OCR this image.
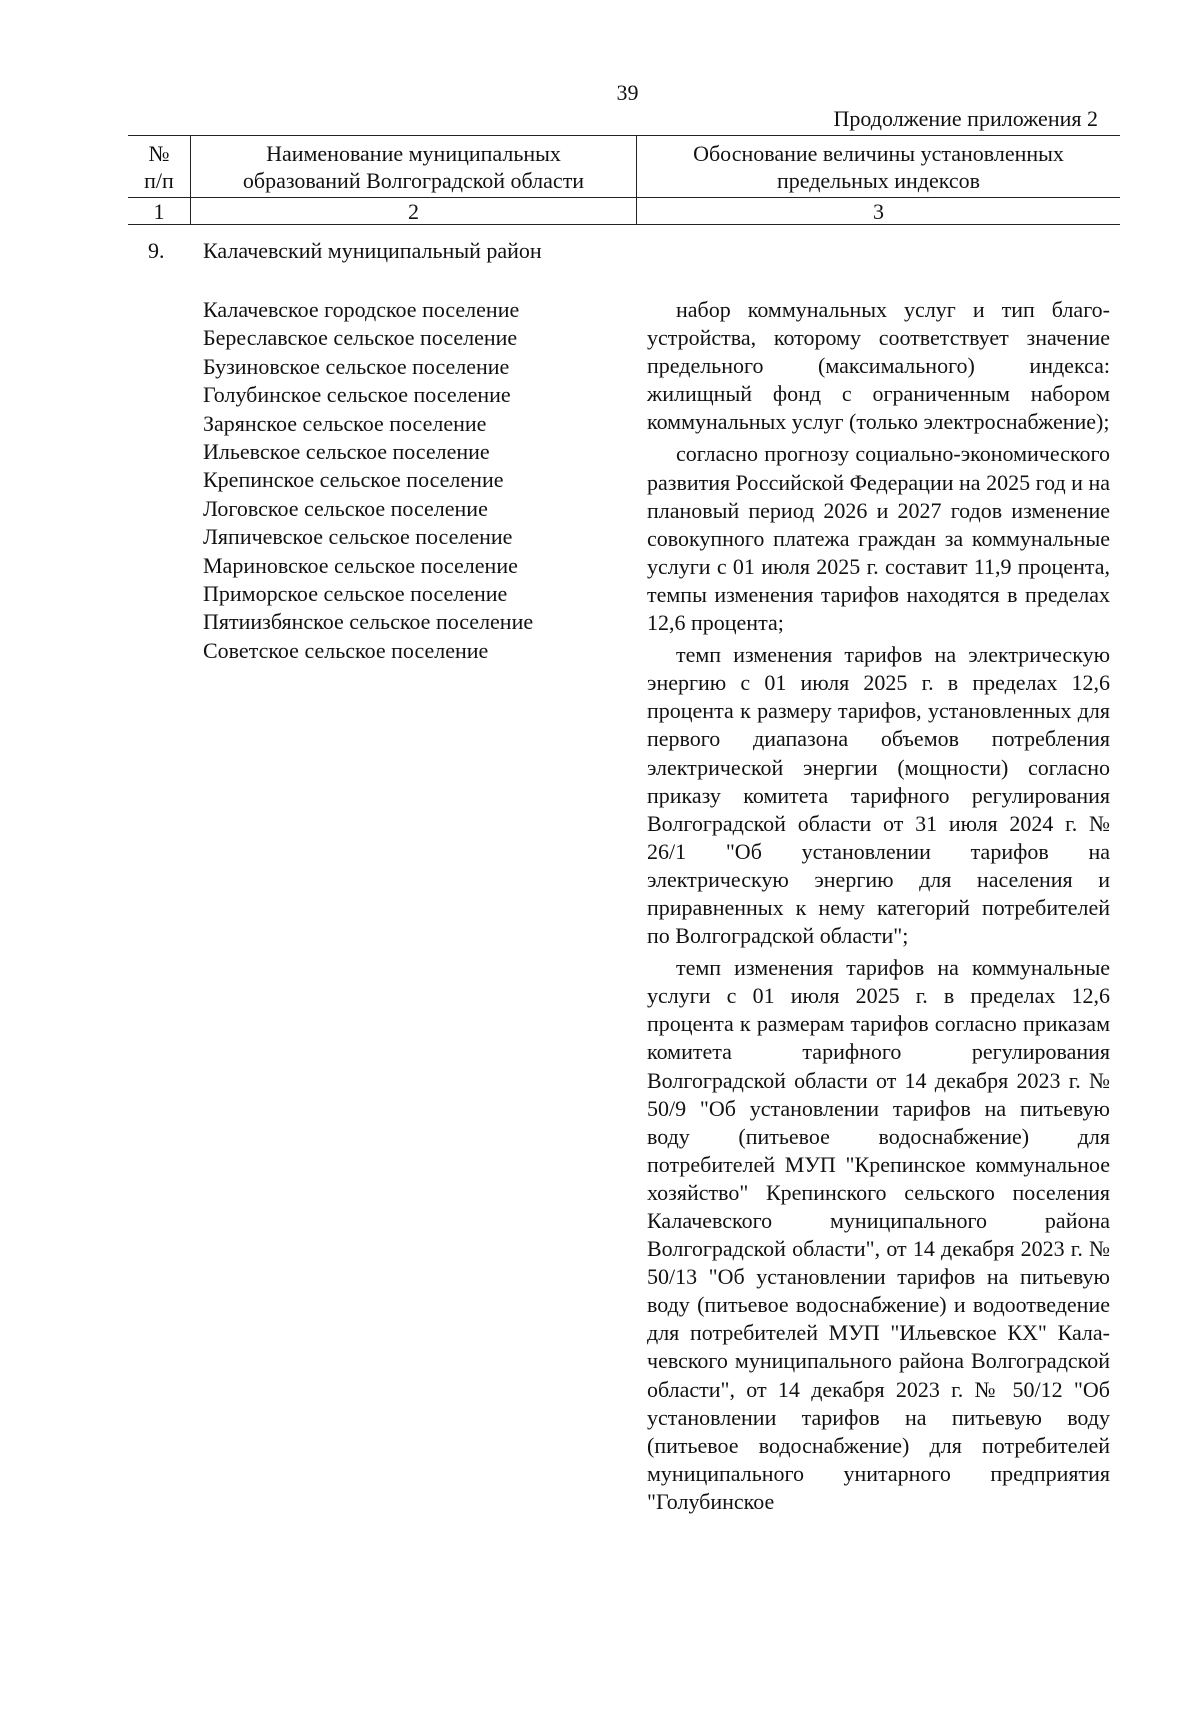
39
Продолжение приложения 2
№
п/п
Наименование муниципальных
образований Волгоградской области
Обоснование величины установленных
предельных индексов
1	2	3
9. Калачевский муниципальный район
Калачевское городское поселение
Береславское сельское поселение
Бузиновское сельское поселение
Голубинское сельское поселение
Зарянское сельское поселение
Ильевское сельское поселение
Крепинское сельское поселение
Логовское сельское поселение
Ляпичевское сельское поселение
Мариновское сельское поселение
Приморское сельское поселение
Пятиизбянское сельское поселение
Советское сельское поселение

набор коммунальных услуг и тип благоустройства, которому соответствует значение предельного (максимального) индекса: жилищный фонд с ограниченным набором коммунальных услуг (только электроснабжение);

согласно прогнозу социально-экономического развития Российской Федерации на 2025 год и на плановый период 2026 и 2027 годов изменение совокупного платежа граждан за коммунальные услуги с 01 июля 2025 г. составит 11,9 процента, темпы изменения тарифов находятся в пределах 12,6 процента;

темп изменения тарифов на электрическую энергию с 01 июля 2025 г. в пределах 12,6 процента к размеру тарифов, установленных для первого диапазона объемов потребления электрической энергии (мощности) согласно приказу комитета тарифного регулирования Волгоградской области от 31 июля 2024 г. № 26/1 "Об установлении тарифов на электрическую энергию для населения и приравненных к нему категорий потребителей по Волгоградской области";

темп изменения тарифов на коммунальные услуги с 01 июля 2025 г. в пределах 12,6 процента к размерам тарифов согласно приказам комитета тарифного регулирования Волгоградской области от 14 декабря 2023 г. № 50/9 "Об установлении тарифов на питьевую воду (питьевое водоснабжение) для потребителей МУП "Крепинское коммунальное хозяйство" Крепинского сельского поселения Калачевского муниципального района Волгоградской области", от 14 декабря 2023 г. № 50/13 "Об установлении тарифов на питьевую воду (питьевое водоснабжение) и водоотведение для потребителей МУП "Ильевское КХ" Калачевского муниципального района Волгоградской области", от 14 декабря 2023 г. № 50/12 "Об установлении тарифов на питьевую воду (питьевое водоснабжение) для потребителей муниципального унитарного предприятия "Голубинское
